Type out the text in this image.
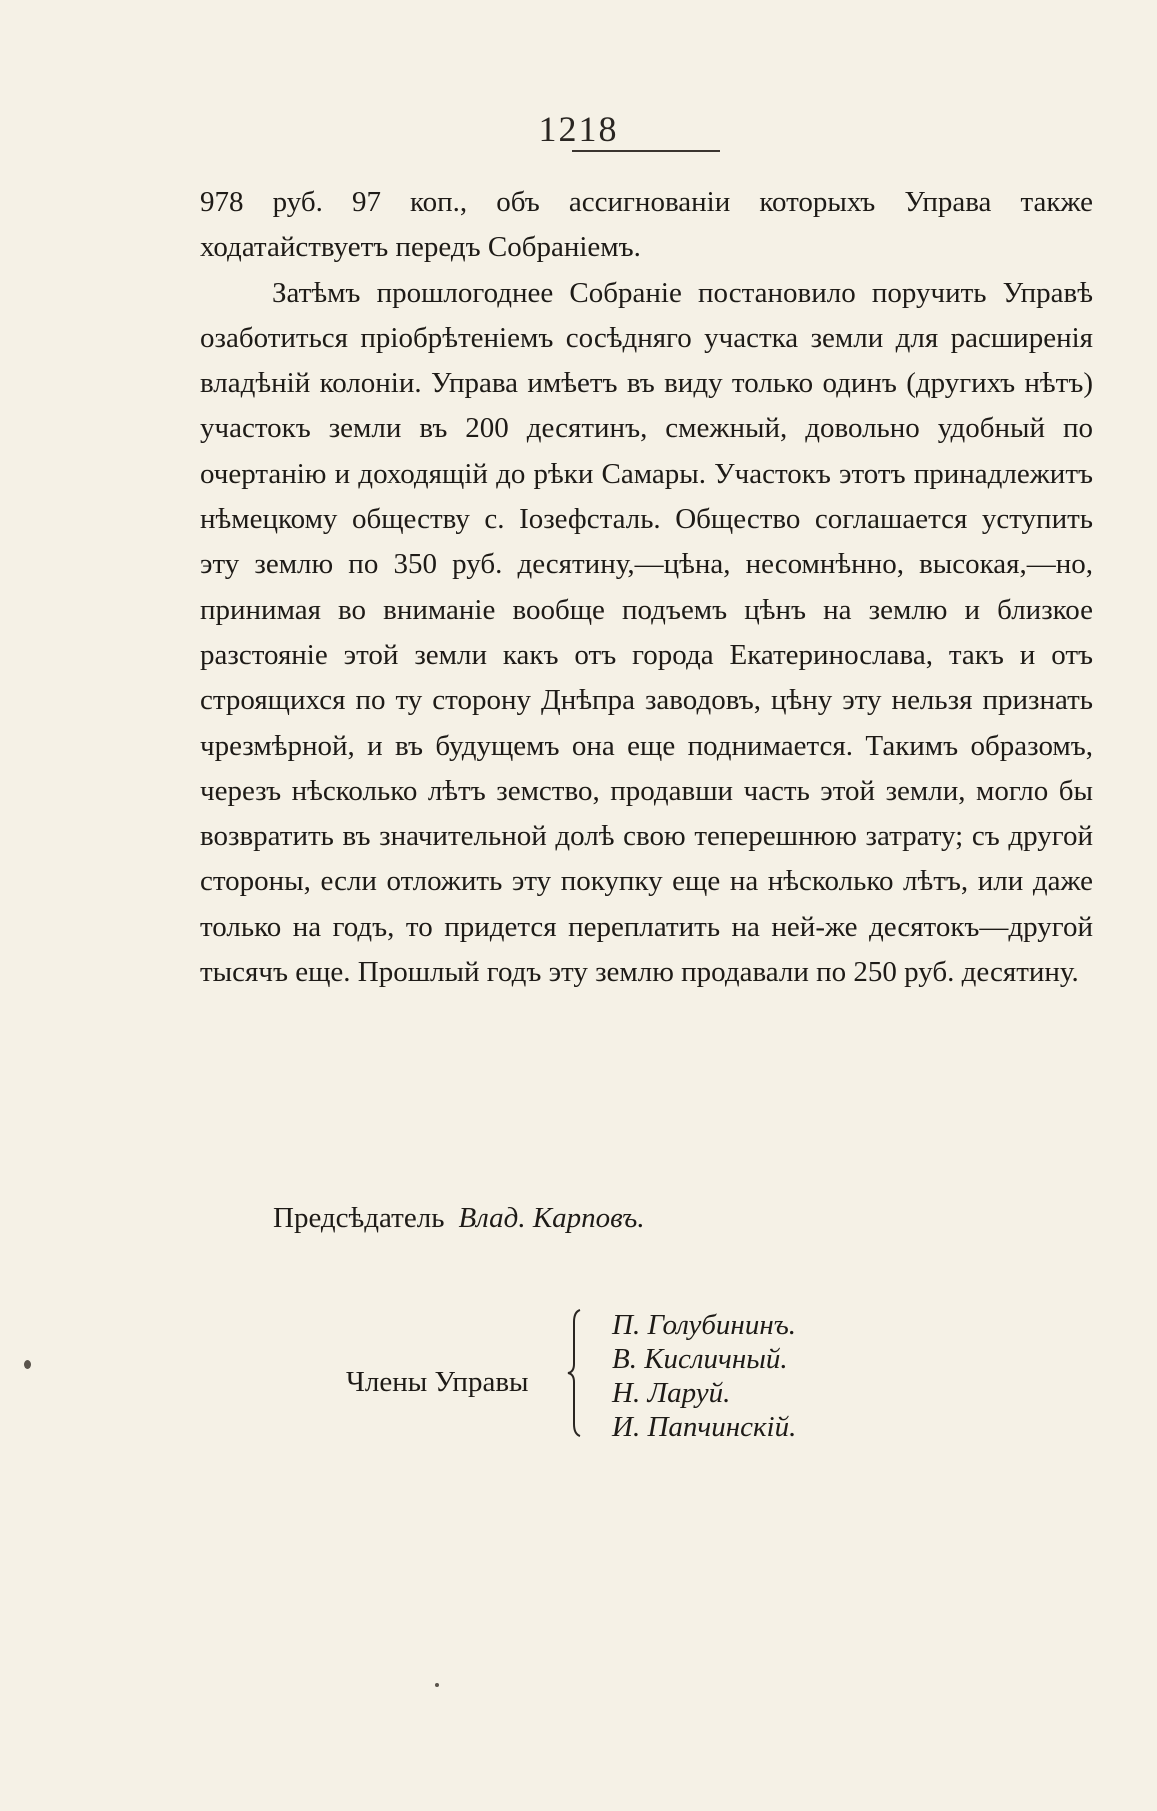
1218

978 руб. 97 коп., объ ассигнованіи которыхъ Управа также ходатайствуетъ передъ Собраніемъ.

Затѣмъ прошлогоднее Собраніе постановило поручить Управѣ озаботиться пріобрѣтеніемъ сосѣдняго участка земли для расширенія владѣній колоніи. Управа имѣетъ въ виду только одинъ (другихъ нѣтъ) участокъ земли въ 200 десятинъ, смежный, довольно удобный по очертанію и доходящій до рѣки Самары. Участокъ этотъ принадлежитъ нѣмецкому обществу с. Іозефсталь. Общество соглашается уступить эту землю по 350 руб. десятину,—цѣна, несомнѣнно, высокая,—но, принимая во вниманіе вообще подъемъ цѣнъ на землю и близкое разстояніе этой земли какъ отъ города Екатеринослава, такъ и отъ строящихся по ту сторону Днѣпра заводовъ, цѣну эту нельзя признать чрезмѣрной, и въ будущемъ она еще поднимается. Такимъ образомъ, черезъ нѣсколько лѣтъ земство, продавши часть этой земли, могло бы возвратить въ значительной долѣ свою теперешнюю затрату; съ другой стороны, если отложить эту покупку еще на нѣсколько лѣтъ, или даже только на годъ, то придется переплатить на ней-же десятокъ—другой тысячъ еще. Прошлый годъ эту землю продавали по 250 руб. десятину.

Предсѣдатель Влад. Карповъ.
Члены Управы
П. Голубининъ.
В. Кисличный.
Н. Ларуй.
И. Папчинскій.
